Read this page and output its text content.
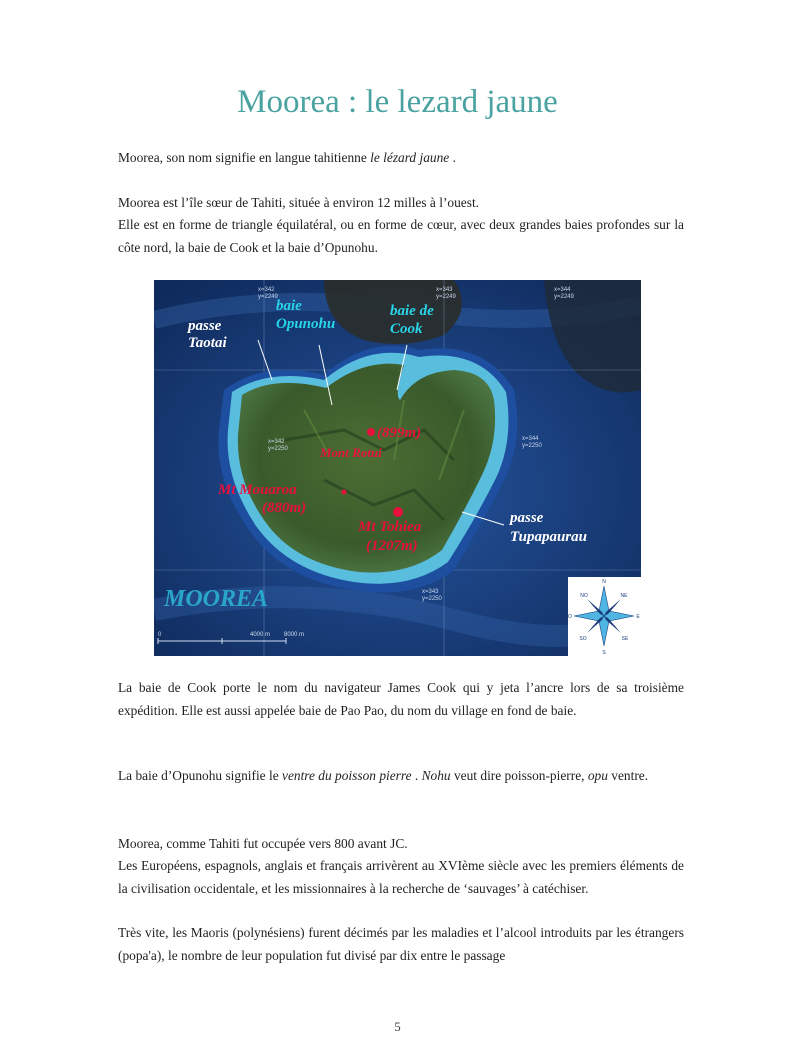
Moorea : le lezard jaune
Moorea, son nom signifie en langue tahitienne le lézard jaune .
Moorea est l’île sœur de Tahiti, située à environ 12 milles à l’ouest.
Elle est en forme de triangle équilatéral, ou en forme de cœur, avec deux grandes baies profondes sur la côte nord, la baie de Cook et la baie d’Opunohu.
x=342
y=2249
x=343
y=2249
x=344
y=2249
x=342
y=2250
x=344
y=2250
x=343
y=2250
passe
Taotai
baie
Opunohu
baie de
Cook
(899m)
Mont Rotui
Mt Mouaroa
(880m)
Mt Tohiea
(1207m)
passe
Tupapaurau
MOOREA
0	4000 m 8000 m
N
S
E
O
NE
NO
SE
SO
La baie de Cook porte le nom du navigateur James Cook qui y jeta l’ancre lors de sa troisième expédition. Elle est aussi appelée baie de Pao Pao, du nom du village en fond de baie.
La baie d’Opunohu signifie le ventre du poisson pierre . Nohu veut dire poisson-pierre, opu ventre.
Moorea, comme Tahiti fut occupée vers 800 avant JC.
Les Européens, espagnols, anglais et français arrivèrent au XVIème siècle avec les premiers éléments de la civilisation occidentale, et les missionnaires à la recherche de ‘sauvages’ à catéchiser.
Très vite, les Maoris (polynésiens) furent décimés par les maladies et l’alcool introduits par les étrangers (popa'a), le nombre de leur population fut divisé par dix entre le passage
5
